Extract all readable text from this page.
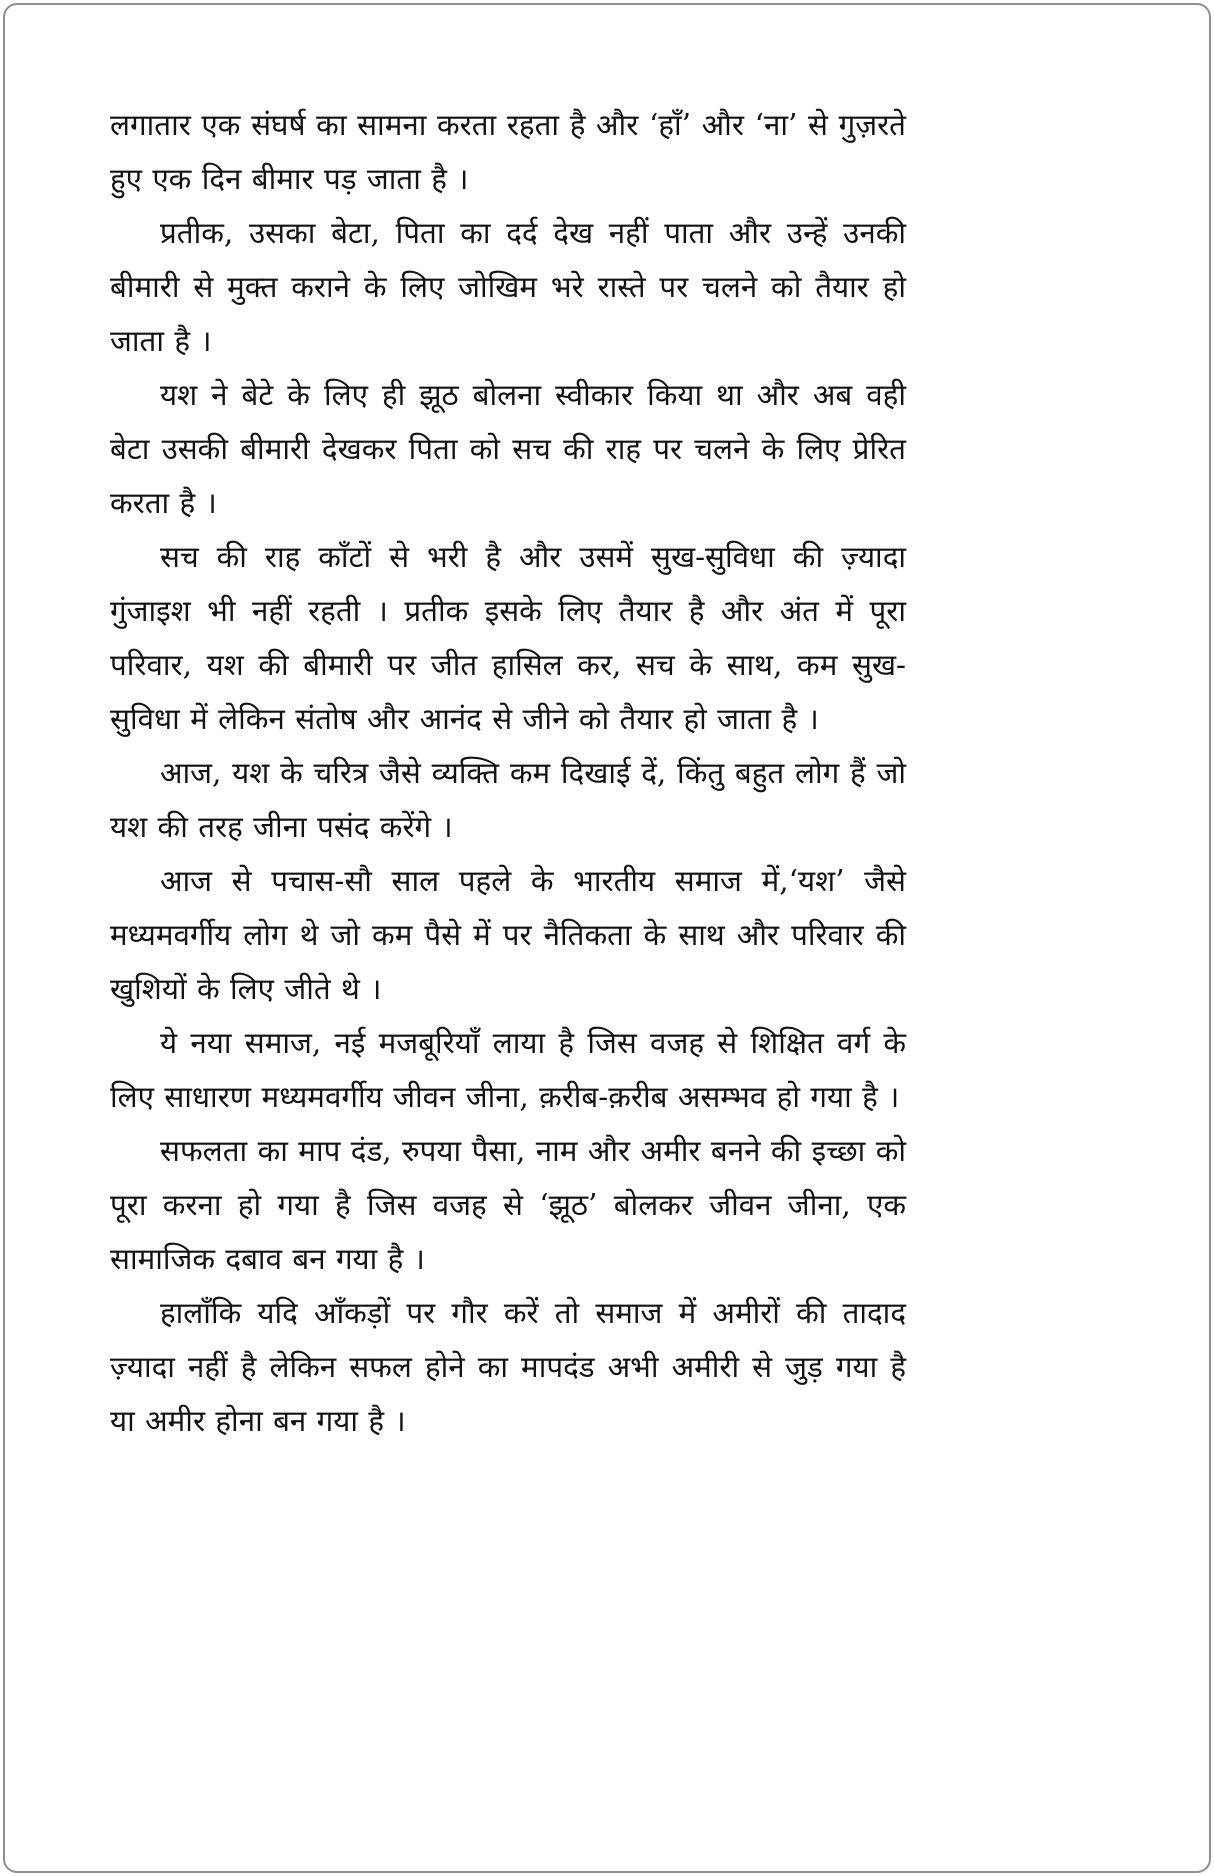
लगातार एक संघर्ष का सामना करता रहता है और ‘हाँ’ और ‘ना’ से गुज़रते हुए एक दिन बीमार पड़ जाता है ।

प्रतीक, उसका बेटा, पिता का दर्द देख नहीं पाता और उन्हें उनकी बीमारी से मुक्त कराने के लिए जोखिम भरे रास्ते पर चलने को तैयार हो जाता है ।

यश ने बेटे के लिए ही झूठ बोलना स्वीकार किया था और अब वही बेटा उसकी बीमारी देखकर पिता को सच की राह पर चलने के लिए प्रेरित करता है ।

सच की राह काँटों से भरी है और उसमें सुख-सुविधा की ज़्यादा गुंजाइश भी नहीं रहती । प्रतीक इसके लिए तैयार है और अंत में पूरा परिवार, यश की बीमारी पर जीत हासिल कर, सच के साथ, कम सुख-सुविधा में लेकिन संतोष और आनंद से जीने को तैयार हो जाता है ।

आज, यश के चरित्र जैसे व्यक्ति कम दिखाई दें, किंतु बहुत लोग हैं जो यश की तरह जीना पसंद करेंगे ।

आज से पचास-सौ साल पहले के भारतीय समाज में,‘यश’ जैसे मध्यमवर्गीय लोग थे जो कम पैसे में पर नैतिकता के साथ और परिवार की खुशियों के लिए जीते थे ।

ये नया समाज, नई मजबूरियाँ लाया है जिस वजह से शिक्षित वर्ग के लिए साधारण मध्यमवर्गीय जीवन जीना, क़रीब-क़रीब असम्भव हो गया है ।

सफलता का माप दंड, रुपया पैसा, नाम और अमीर बनने की इच्छा को पूरा करना हो गया है जिस वजह से ‘झूठ’ बोलकर जीवन जीना, एक सामाजिक दबाव बन गया है ।

हालाँकि यदि आँकड़ों पर गौर करें तो समाज में अमीरों की तादाद ज़्यादा नहीं है लेकिन सफल होने का मापदंड अभी अमीरी से जुड़ गया है या अमीर होना बन गया है ।
